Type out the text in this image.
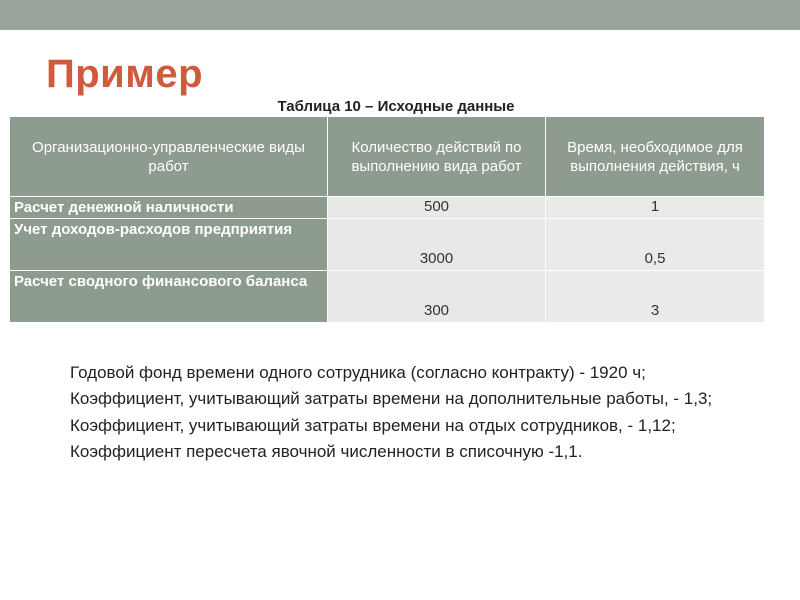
Пример
Таблица 10 – Исходные данные
Организационно-управленческие виды работ	Количество действий по выполнению вида работ	Время, необходимое для выполнения действия, ч
Расчет денежной наличности	500	1
Учет доходов-расходов предприятия	3000	0,5
Расчет сводного финансового баланса	300	3

Годовой фонд времени одного сотрудника (согласно контракту) - 1920 ч;

Коэффициент, учитывающий затраты времени на дополнительные работы, - 1,3;

Коэффициент, учитывающий затраты времени на отдых сотрудников, - 1,12;

Коэффициент пересчета явочной численности в списочную -1,1.
